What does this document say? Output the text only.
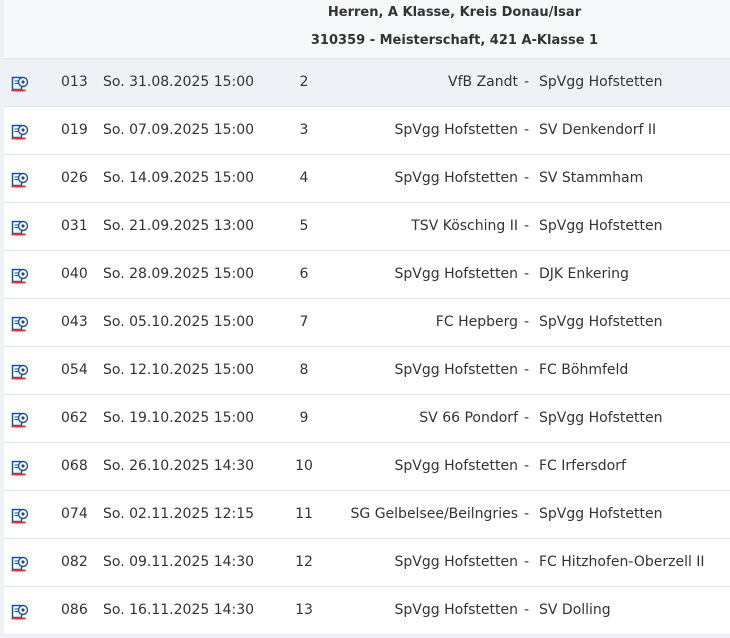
Herren, A Klasse, Kreis Donau/Isar
310359 - Meisterschaft, 421 A-Klasse 1
013 So. 31.08.2025 15:00	2	VfB Zandt - SpVgg Hofstetten
019 So. 07.09.2025 15:00	3	SpVgg Hofstetten - SV Denkendorf II
026 So. 14.09.2025 15:00	4	SpVgg Hofstetten - SV Stammham
031 So. 21.09.2025 13:00	5	TSV Kösching II - SpVgg Hofstetten
040 So. 28.09.2025 15:00	6	SpVgg Hofstetten - DJK Enkering
043 So. 05.10.2025 15:00	7	FC Hepberg - SpVgg Hofstetten
054 So. 12.10.2025 15:00	8	SpVgg Hofstetten - FC Böhmfeld
062 So. 19.10.2025 15:00	9	SV 66 Pondorf - SpVgg Hofstetten
068 So. 26.10.2025 14:30	10	SpVgg Hofstetten - FC Irfersdorf
074 So. 02.11.2025 12:15	11	SG Gelbelsee/Beilngries - SpVgg Hofstetten
082 So. 09.11.2025 14:30	12	SpVgg Hofstetten - FC Hitzhofen-Oberzell II
086 So. 16.11.2025 14:30	13	SpVgg Hofstetten - SV Dolling
